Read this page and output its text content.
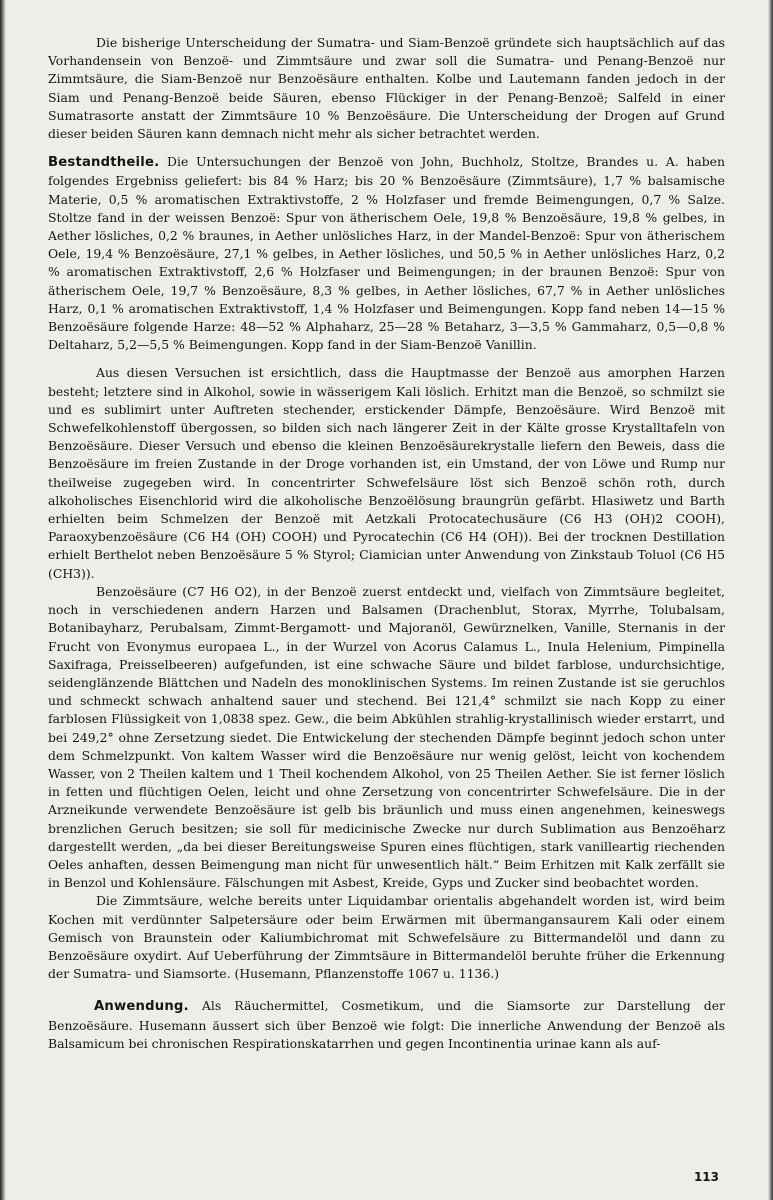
Die bisherige Unterscheidung der Sumatra- und Siam-Benzoë gründete sich hauptsächlich auf das Vorhandensein von Benzoë- und Zimmtsäure und zwar soll die Sumatra- und Penang-Benzoë nur Zimmtsäure, die Siam-Benzoë nur Benzoësäure enthalten. Kolbe und Lautemann fanden jedoch in der Siam und Penang-Benzoë beide Säuren, ebenso Flückiger in der Penang-Benzoë; Salfeld in einer Sumatrasorte anstatt der Zimmtsäure 10 % Benzoësäure. Die Unterscheidung der Drogen auf Grund dieser beiden Säuren kann demnach nicht mehr als sicher betrachtet werden.

Bestandtheile. Die Untersuchungen der Benzoë von John, Buchholz, Stoltze, Brandes u. A. haben folgendes Ergebniss geliefert: bis 84 % Harz; bis 20 % Benzoësäure (Zimmtsäure), 1,7 % balsamische Materie, 0,5 % aromatischen Extraktivstoffe, 2 % Holzfaser und fremde Beimengungen, 0,7 % Salze. Stoltze fand in der weissen Benzoë: Spur von ätherischem Oele, 19,8 % Benzoësäure, 19,8 % gelbes, in Aether lösliches, 0,2 % braunes, in Aether unlösliches Harz, in der Mandel-Benzoë: Spur von ätherischem Oele, 19,4 % Benzoësäure, 27,1 % gelbes, in Aether lösliches, und 50,5 % in Aether unlösliches Harz, 0,2 % aromatischen Extraktivstoff, 2,6 % Holzfaser und Beimengungen; in der braunen Benzoë: Spur von ätherischem Oele, 19,7 % Benzoësäure, 8,3 % gelbes, in Aether lösliches, 67,7 % in Aether unlösliches Harz, 0,1 % aromatischen Extraktivstoff, 1,4 % Holzfaser und Beimengungen. Kopp fand neben 14—15 % Benzoësäure folgende Harze: 48—52 % Alphaharz, 25—28 % Betaharz, 3—3,5 % Gammaharz, 0,5—0,8 % Deltaharz, 5,2—5,5 % Beimengungen. Kopp fand in der Siam-Benzoë Vanillin.

Aus diesen Versuchen ist ersichtlich, dass die Hauptmasse der Benzoë aus amorphen Harzen besteht; letztere sind in Alkohol, sowie in wässerigem Kali löslich. Erhitzt man die Benzoë, so schmilzt sie und es sublimirt unter Auftreten stechender, erstickender Dämpfe, Benzoësäure. Wird Benzoë mit Schwefelkohlenstoff übergossen, so bilden sich nach längerer Zeit in der Kälte grosse Krystalltafeln von Benzoësäure. Dieser Versuch und ebenso die kleinen Benzoësäurekrystalle liefern den Beweis, dass die Benzoësäure im freien Zustande in der Droge vorhanden ist, ein Umstand, der von Löwe und Rump nur theilweise zugegeben wird. In concentrirter Schwefelsäure löst sich Benzoë schön roth, durch alkoholisches Eisenchlorid wird die alkoholische Benzoëlösung braungrün gefärbt. Hlasiwetz und Barth erhielten beim Schmelzen der Benzoë mit Aetzkali Protocatechusäure (C6 H3 (OH)2 COOH), Paraoxybenzoësäure (C6 H4 (OH) COOH) und Pyrocatechin (C6 H4 (OH)). Bei der trocknen Destillation erhielt Berthelot neben Benzoësäure 5 % Styrol; Ciamician unter Anwendung von Zinkstaub Toluol (C6 H5 (CH3)).

Benzoësäure (C7 H6 O2), in der Benzoë zuerst entdeckt und, vielfach von Zimmtsäure begleitet, noch in verschiedenen andern Harzen und Balsamen (Drachenblut, Storax, Myrrhe, Tolubalsam, Botanibayharz, Perubalsam, Zimmt-Bergamott- und Majoranöl, Gewürznelken, Vanille, Sternanis in der Frucht von Evonymus europaea L., in der Wurzel von Acorus Calamus L., Inula Helenium, Pimpinella Saxifraga, Preisselbeeren) aufgefunden, ist eine schwache Säure und bildet farblose, undurchsichtige, seidenglänzende Blättchen und Nadeln des monoklinischen Systems. Im reinen Zustande ist sie geruchlos und schmeckt schwach anhaltend sauer und stechend. Bei 121,4° schmilzt sie nach Kopp zu einer farblosen Flüssigkeit von 1,0838 spez. Gew., die beim Abkühlen strahlig-krystallinisch wieder erstarrt, und bei 249,2° ohne Zersetzung siedet. Die Entwickelung der stechenden Dämpfe beginnt jedoch schon unter dem Schmelzpunkt. Von kaltem Wasser wird die Benzoësäure nur wenig gelöst, leicht von kochendem Wasser, von 2 Theilen kaltem und 1 Theil kochendem Alkohol, von 25 Theilen Aether. Sie ist ferner löslich in fetten und flüchtigen Oelen, leicht und ohne Zersetzung von concentrirter Schwefelsäure. Die in der Arzneikunde verwendete Benzoësäure ist gelb bis bräunlich und muss einen angenehmen, keineswegs brenzlichen Geruch besitzen; sie soll für medicinische Zwecke nur durch Sublimation aus Benzoëharz dargestellt werden, „da bei dieser Bereitungsweise Spuren eines flüchtigen, stark vanilleartig riechenden Oeles anhaften, dessen Beimengung man nicht für unwesentlich hält.“ Beim Erhitzen mit Kalk zerfällt sie in Benzol und Kohlensäure. Fälschungen mit Asbest, Kreide, Gyps und Zucker sind beobachtet worden.

Die Zimmtsäure, welche bereits unter Liquidambar orientalis abgehandelt worden ist, wird beim Kochen mit verdünnter Salpetersäure oder beim Erwärmen mit übermangansaurem Kali oder einem Gemisch von Braunstein oder Kaliumbichromat mit Schwefelsäure zu Bittermandelöl und dann zu Benzoësäure oxydirt. Auf Ueberführung der Zimmtsäure in Bittermandelöl beruhte früher die Erkennung der Sumatra- und Siamsorte. (Husemann, Pflanzenstoffe 1067 u. 1136.)

Anwendung. Als Räuchermittel, Cosmetikum, und die Siamsorte zur Darstellung der Benzoësäure. Husemann äussert sich über Benzoë wie folgt: Die innerliche Anwendung der Benzoë als Balsamicum bei chronischen Respirationskatarrhen und gegen Incontinentia urinae kann als auf-

113
